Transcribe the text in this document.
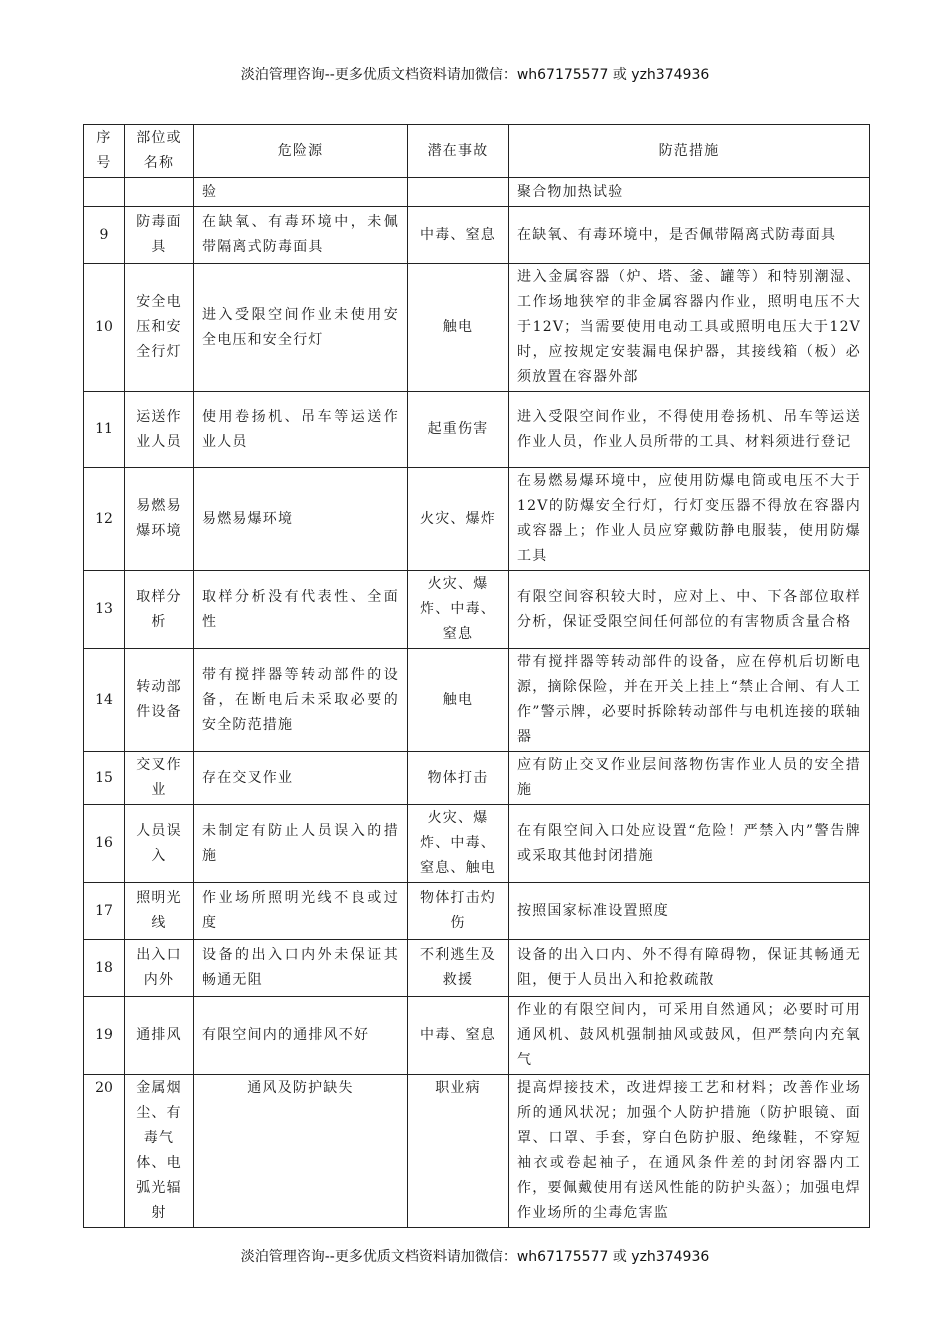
淡泊管理咨询--更多优质文档资料请加微信：wh67175577 或 yzh374936
序号	部位或名称	危险源	潜在事故	防范措施
		验		聚合物加热试验
9	防毒面具	在缺氧、有毒环境中，未佩带隔离式防毒面具	中毒、窒息	在缺氧、有毒环境中，是否佩带隔离式防毒面具
10	安全电压和安全行灯	进入受限空间作业未使用安全电压和安全行灯	触电	进入金属容器（炉、塔、釜、罐等）和特别潮湿、工作场地狭窄的非金属容器内作业，照明电压不大于12V；当需要使用电动工具或照明电压大于12V时，应按规定安装漏电保护器，其接线箱（板）必须放置在容器外部
11	运送作业人员	使用卷扬机、吊车等运送作业人员	起重伤害	进入受限空间作业，不得使用卷扬机、吊车等运送作业人员，作业人员所带的工具、材料须进行登记
12	易燃易爆环境	易燃易爆环境	火灾、爆炸	在易燃易爆环境中，应使用防爆电筒或电压不大于12V的防爆安全行灯，行灯变压器不得放在容器内或容器上；作业人员应穿戴防静电服装，使用防爆工具
13	取样分析	取样分析没有代表性、全面性	火灾、爆炸、中毒、窒息	有限空间容积较大时，应对上、中、下各部位取样分析，保证受限空间任何部位的有害物质含量合格
14	转动部件设备	带有搅拌器等转动部件的设备，在断电后未采取必要的安全防范措施	触电	带有搅拌器等转动部件的设备，应在停机后切断电源，摘除保险，并在开关上挂上“禁止合闸、有人工作”警示牌，必要时拆除转动部件与电机连接的联轴器
15	交叉作业	存在交叉作业	物体打击	应有防止交叉作业层间落物伤害作业人员的安全措施
16	人员误入	未制定有防止人员误入的措施	火灾、爆炸、中毒、窒息、触电	在有限空间入口处应设置“危险！严禁入内”警告牌或采取其他封闭措施
17	照明光线	作业场所照明光线不良或过度	物体打击灼伤	按照国家标准设置照度
18	出入口内外	设备的出入口内外未保证其畅通无阻	不利逃生及救援	设备的出入口内、外不得有障碍物，保证其畅通无阻，便于人员出入和抢救疏散
19	通排风	有限空间内的通排风不好	中毒、窒息	作业的有限空间内，可采用自然通风；必要时可用通风机、鼓风机强制抽风或鼓风，但严禁向内充氧气
20	金属烟尘、有毒气体、电弧光辐射	通风及防护缺失	职业病	提高焊接技术，改进焊接工艺和材料；改善作业场所的通风状况；加强个人防护措施（防护眼镜、面罩、口罩、手套，穿白色防护服、绝缘鞋，不穿短袖衣或卷起袖子，在通风条件差的封闭容器内工作，要佩戴使用有送风性能的防护头盔）；加强电焊作业场所的尘毒危害监
淡泊管理咨询--更多优质文档资料请加微信：wh67175577 或 yzh374936
